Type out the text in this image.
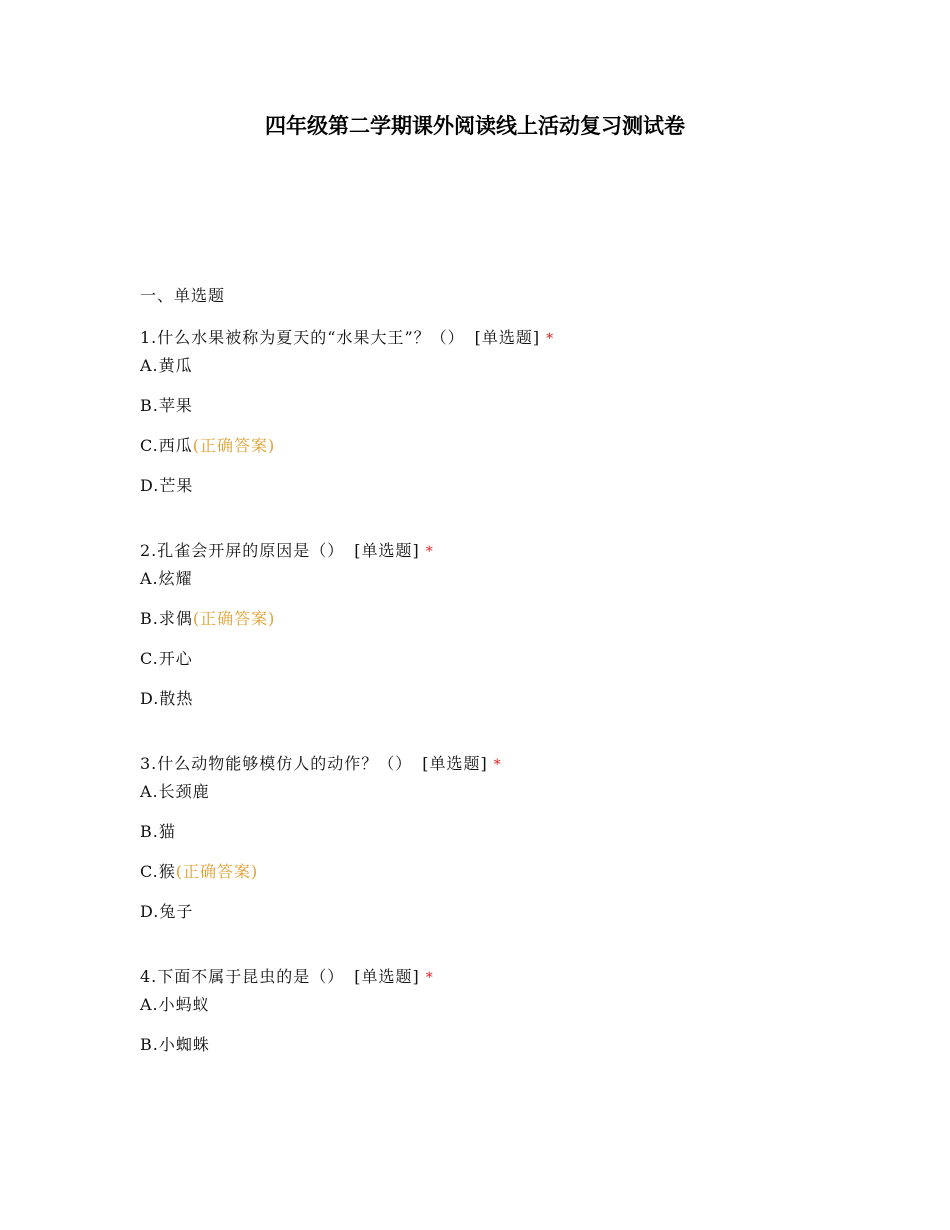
四年级第二学期课外阅读线上活动复习测试卷
一、单选题
1.什么水果被称为夏天的“水果大王”？（） [单选题] *
A.黄瓜
B.苹果
C.西瓜(正确答案)
D.芒果
2.孔雀会开屏的原因是（） [单选题] *
A.炫耀
B.求偶(正确答案)
C.开心
D.散热
3.什么动物能够模仿人的动作？（） [单选题] *
A.长颈鹿
B.猫
C.猴(正确答案)
D.兔子
4.下面不属于昆虫的是（） [单选题] *
A.小蚂蚁
B.小蜘蛛
